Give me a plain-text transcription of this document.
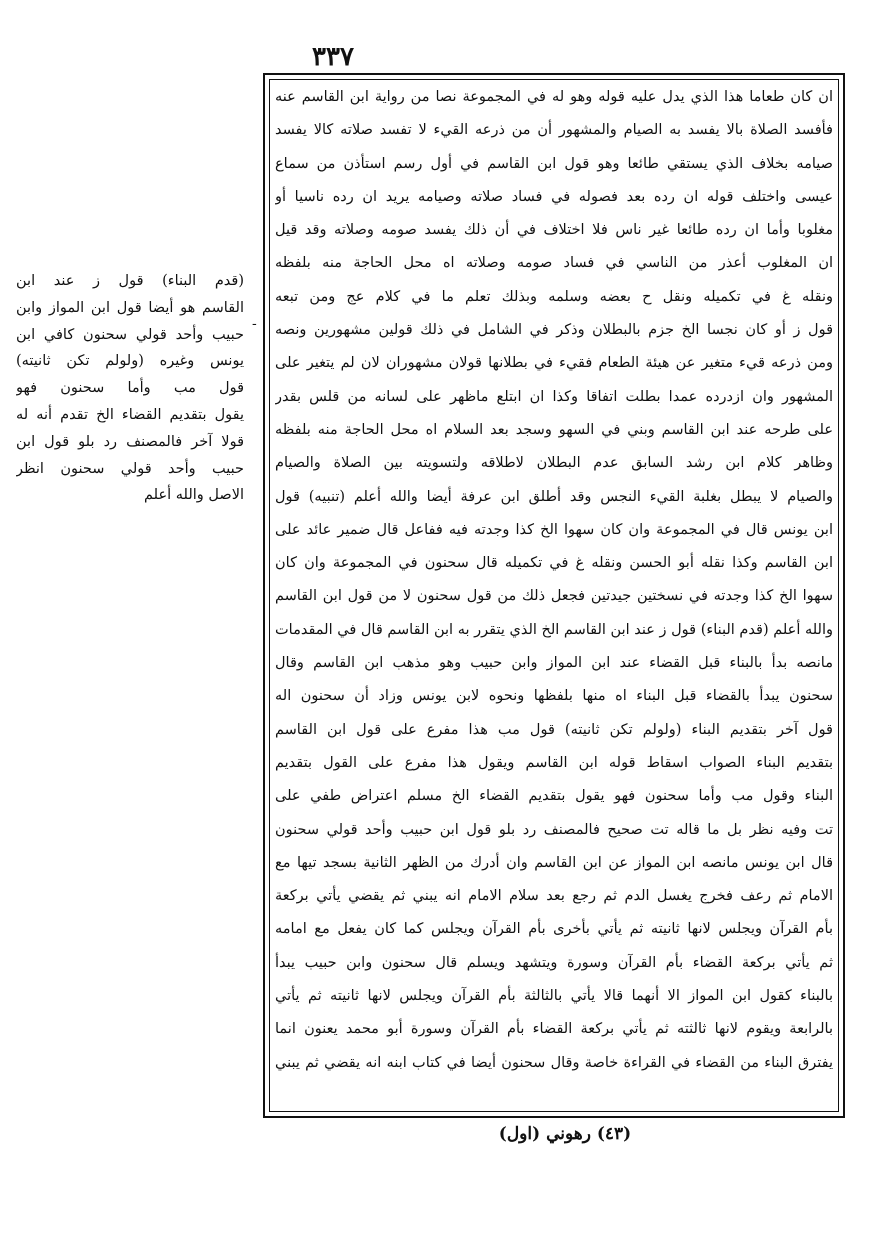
٣٣٧
ان كان طعاما هذا الذي يدل عليه قوله وهو له في المجموعة نصا من رواية ابن القاسم عنه
فأفسد الصلاة بالا يفسد به الصيام والمشهور أن من ذرعه القيء لا تفسد صلاته كالا يفسد
صيامه بخلاف الذي يستقي طائعا وهو قول ابن القاسم في أول رسم استأذن من سماع
عيسى واختلف قوله ان رده بعد فصوله في فساد صلاته وصيامه يريد ان رده ناسيا أو
مغلوبا وأما ان رده طائعا غير ناس فلا اختلاف في أن ذلك يفسد صومه وصلاته وقد قيل
ان المغلوب أعذر من الناسي في فساد صومه وصلاته اه محل الحاجة منه بلفظه
ونقله غ في تكميله ونقل ح بعضه وسلمه وبذلك تعلم ما في كلام عج ومن تبعه
قول ز أو كان نجسا الخ جزم بالبطلان وذكر في الشامل في ذلك قولين مشهورين ونصه
ومن ذرعه قيء متغير عن هيئة الطعام فقيء في بطلانها قولان مشهوران لان لم يتغير على
المشهور وان ازدرده عمدا بطلت اتفاقا وكذا ان ابتلع ماظهر على لسانه من قلس بقدر
على طرحه عند ابن القاسم وبني في السهو وسجد بعد السلام اه محل الحاجة منه بلفظه
وظاهر كلام ابن رشد السابق عدم البطلان لاطلاقه ولتسويته بين الصلاة والصيام
والصيام لا يبطل بغلبة القيء النجس وقد أطلق ابن عرفة أيضا والله أعلم (تنبيه) قول
ابن يونس قال في المجموعة وان كان سهوا الخ كذا وجدته فيه ففاعل قال ضمير عائد على
ابن القاسم وكذا نقله أبو الحسن ونقله غ في تكميله قال سحنون في المجموعة وان كان
سهوا الخ كذا وجدته في نسختين جيدتين فجعل ذلك من قول سحنون لا من قول ابن القاسم
والله أعلم (قدم البناء) قول ز عند ابن القاسم الخ الذي يتقرر به ابن القاسم قال في المقدمات
مانصه بدأ بالبناء قبل القضاء عند ابن المواز وابن حبيب وهو مذهب ابن القاسم وقال
سحنون يبدأ بالقضاء قبل البناء اه منها بلفظها ونحوه لابن يونس وزاد أن سحنون اله
قول آخر بتقديم البناء (ولولم تكن ثانيته) قول مب هذا مفرع على قول ابن القاسم
بتقديم البناء الصواب اسقاط قوله ابن القاسم ويقول هذا مفرع على القول بتقديم
البناء وقول مب وأما سحنون فهو يقول بتقديم القضاء الخ مسلم اعتراض طفي على
تت وفيه نظر بل ما قاله تت صحيح فالمصنف رد بلو قول ابن حبيب وأحد قولي سحنون
قال ابن يونس مانصه ابن المواز عن ابن القاسم وان أدرك من الظهر الثانية بسجد تيها مع
الامام ثم رعف فخرج يغسل الدم ثم رجع بعد سلام الامام انه يبني ثم يقضي يأتي بركعة
بأم القرآن ويجلس لانها ثانيته ثم يأتي بأخرى بأم القرآن ويجلس كما كان يفعل مع امامه
ثم يأتي بركعة القضاء بأم القرآن وسورة ويتشهد ويسلم قال سحنون وابن حبيب يبدأ
بالبناء كقول ابن المواز الا أنهما قالا يأتي بالثالثة بأم القرآن ويجلس لانها ثانيته ثم يأتي
بالرابعة ويقوم لانها ثالثته ثم يأتي بركعة القضاء بأم القرآن وسورة أبو محمد يعنون انما
يفترق البناء من القضاء في القراءة خاصة وقال سحنون أيضا في كتاب ابنه انه يقضي ثم يبني
(قدم البناء) قول ز عند ابن
القاسم هو أيضا قول ابن المواز وابن
حبيب وأحد قولي سحنون كافي ابن
يونس وغيره (ولولم تكن ثانيته)
قول مب وأما سحنون فهو
يقول بتقديم القضاء الخ تقدم أنه له
قولا آخر فالمصنف رد بلو قول ابن
حبيب وأحد قولي سحنون انظر
الاصل والله أعلم
-
(٤٣) رهوني (اول)
